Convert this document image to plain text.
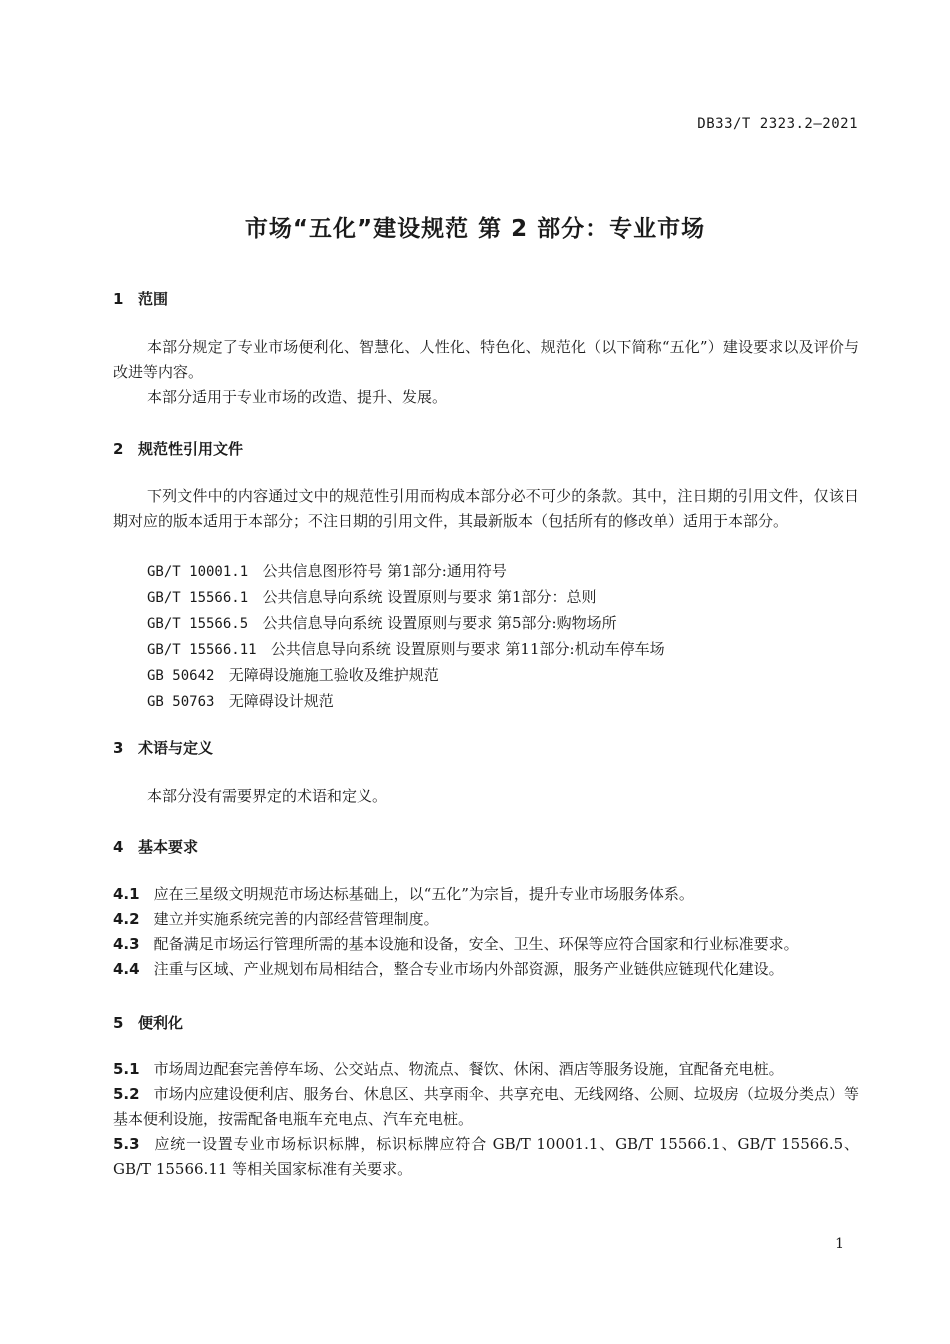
DB33/T 2323.2—2021
市场“五化”建设规范 第 2 部分：专业市场
1 范围
本部分规定了专业市场便利化、智慧化、人性化、特色化、规范化（以下简称“五化”）建设要求以及评价与改进等内容。
本部分适用于专业市场的改造、提升、发展。
2 规范性引用文件
下列文件中的内容通过文中的规范性引用而构成本部分必不可少的条款。其中，注日期的引用文件，仅该日期对应的版本适用于本部分；不注日期的引用文件，其最新版本（包括所有的修改单）适用于本部分。
GB/T 10001.1 公共信息图形符号 第1部分:通用符号
GB/T 15566.1 公共信息导向系统 设置原则与要求 第1部分：总则
GB/T 15566.5 公共信息导向系统 设置原则与要求 第5部分:购物场所
GB/T 15566.11 公共信息导向系统 设置原则与要求 第11部分:机动车停车场
GB 50642 无障碍设施施工验收及维护规范
GB 50763 无障碍设计规范
3 术语与定义
本部分没有需要界定的术语和定义。
4 基本要求

4.1 应在三星级文明规范市场达标基础上，以“五化”为宗旨，提升专业市场服务体系。

4.2 建立并实施系统完善的内部经营管理制度。

4.3 配备满足市场运行管理所需的基本设施和设备，安全、卫生、环保等应符合国家和行业标准要求。

4.4 注重与区域、产业规划布局相结合，整合专业市场内外部资源，服务产业链供应链现代化建设。

5 便利化

5.1 市场周边配套完善停车场、公交站点、物流点、餐饮、休闲、酒店等服务设施，宜配备充电桩。

5.2 市场内应建设便利店、服务台、休息区、共享雨伞、共享充电、无线网络、公厕、垃圾房（垃圾分类点）等基本便利设施，按需配备电瓶车充电点、汽车充电桩。

5.3 应统一设置专业市场标识标牌，标识标牌应符合 GB/T 10001.1、GB/T 15566.1、GB/T 15566.5、GB/T 15566.11 等相关国家标准有关要求。

1
